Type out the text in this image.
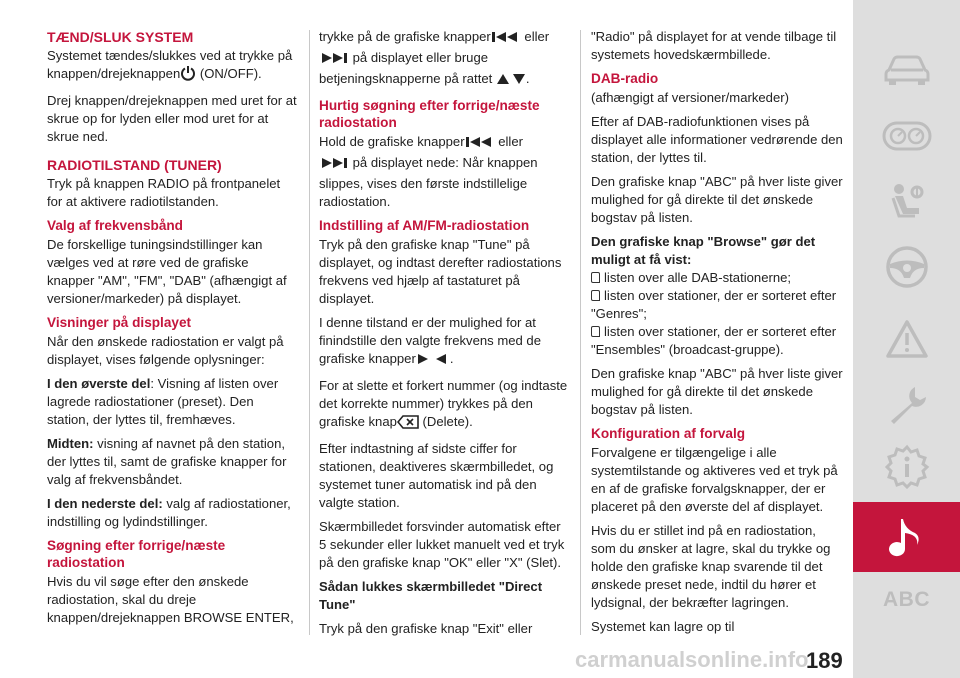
TÆND/SLUK SYSTEM

Systemet tændes/slukkes ved at trykke på knappen/drejeknappen (ON/OFF).

Drej knappen/drejeknappen med uret for at skrue op for lyden eller mod uret for at skrue ned.

RADIOTILSTAND (TUNER)

Tryk på knappen RADIO på frontpanelet for at aktivere radiotilstanden.

Valg af frekvensbånd

De forskellige tuningsindstillinger kan vælges ved at røre ved de grafiske knapper "AM", "FM", "DAB" (afhængigt af versioner/markeder) på displayet.

Visninger på displayet

Når den ønskede radiostation er valgt på displayet, vises følgende oplysninger:

I den øverste del: Visning af listen over lagrede radiostationer (preset). Den station, der lyttes til, fremhæves.

Midten: visning af navnet på den station, der lyttes til, samt de grafiske knapper for valg af frekvensbåndet.

I den nederste del: valg af radiostationer, indstilling og lydindstillinger.

Søgning efter forrige/næste radiostation

Hvis du vil søge efter den ønskede radiostation, skal du dreje knappen/drejeknappen BROWSE ENTER,

trykke på de grafiske knapper eller
på displayet eller bruge betjeningsknapperne på rattet	.

Hurtig søgning efter forrige/næste radiostation

Hold de grafiske knapper eller
på displayet nede: Når knappen slippes, vises den første indstillelige radiostation.

Indstilling af AM/FM-radiostation

Tryk på den grafiske knap "Tune" på displayet, og indtast derefter radiostations frekvens ved hjælp af tastaturet på displayet.

I denne tilstand er der mulighed for at finindstille den valgte frekvens med de grafiske knapper	.

For at slette et forkert nummer (og indtaste det korrekte nummer) trykkes på den grafiske knap (Delete).

Efter indtastning af sidste ciffer for stationen, deaktiveres skærmbilledet, og systemet tuner automatisk ind på den valgte station.

Skærmbilledet forsvinder automatisk efter 5 sekunder eller lukket manuelt ved et tryk på den grafiske knap "OK" eller "X" (Slet).

Sådan lukkes skærmbilledet "Direct Tune"

Tryk på den grafiske knap "Exit" eller

"Radio" på displayet for at vende tilbage til systemets hovedskærmbillede.

DAB-radio

(afhængigt af versioner/markeder)

Efter af DAB-radiofunktionen vises på displayet alle informationer vedrørende den station, der lyttes til.

Den grafiske knap "ABC" på hver liste giver mulighed for gå direkte til det ønskede bogstav på listen.

Den grafiske knap "Browse" gør det muligt at få vist:

listen over alle DAB-stationerne;

listen over stationer, der er sorteret efter "Genres";

listen over stationer, der er sorteret efter "Ensembles" (broadcast-gruppe).

Den grafiske knap "ABC" på hver liste giver mulighed for gå direkte til det ønskede bogstav på listen.

Konfiguration af forvalg

Forvalgene er tilgængelige i alle systemtilstande og aktiveres ved et tryk på en af de grafiske forvalgsknapper, der er placeret på den øverste del af displayet.

Hvis du er stillet ind på en radiostation, som du ønsker at lagre, skal du trykke og holde den grafiske knap svarende til det ønskede preset nede, indtil du hører et lydsignal, der bekræfter lagringen.

Systemet kan lagre op til

ABC
carmanualsonline.info
189
